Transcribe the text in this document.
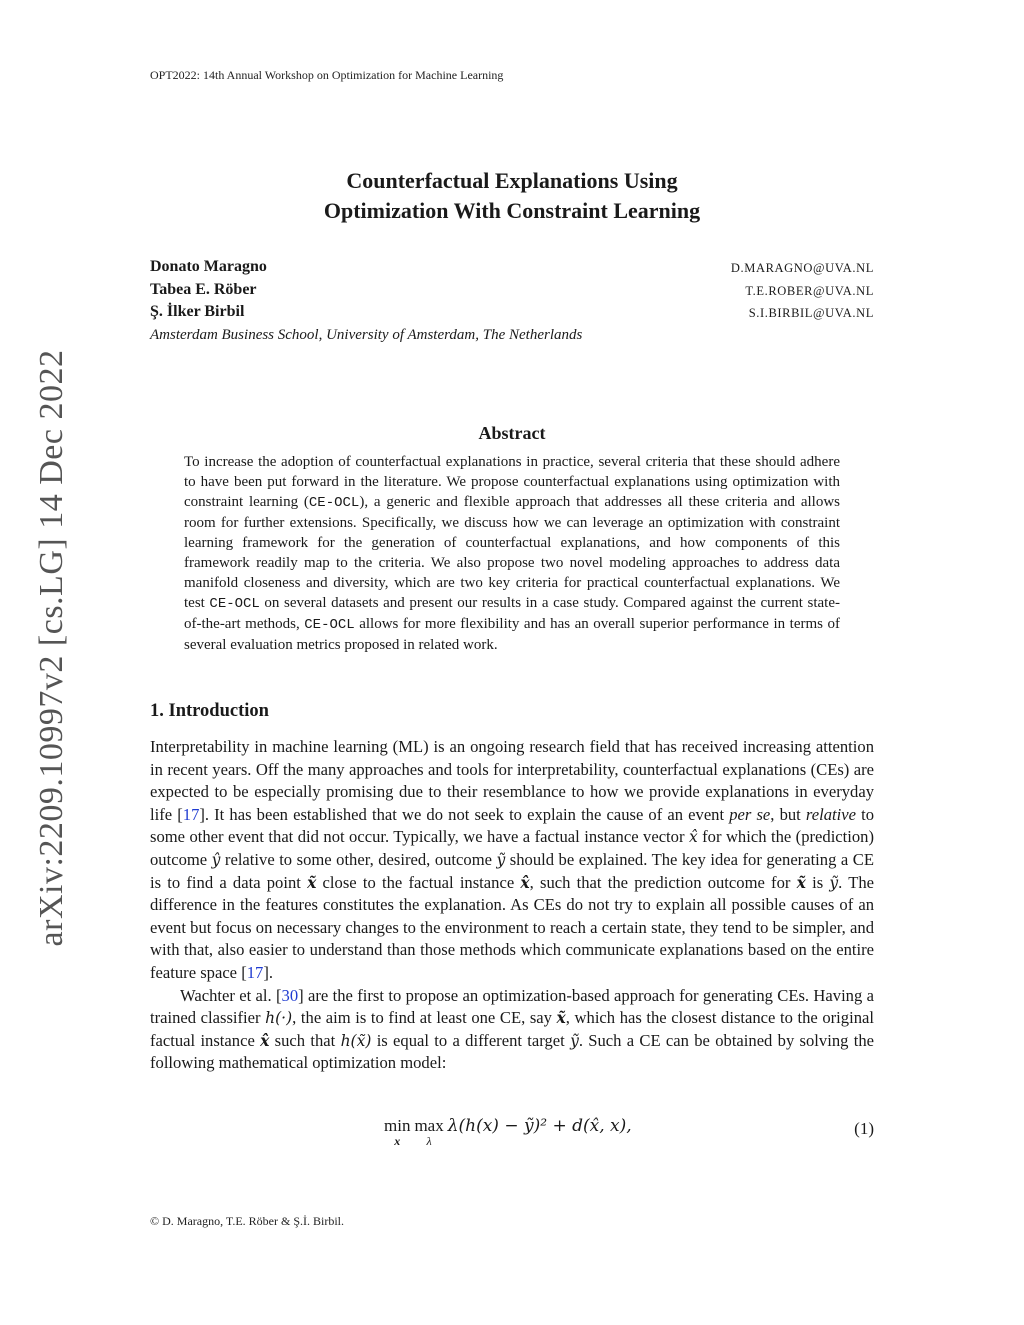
OPT2022: 14th Annual Workshop on Optimization for Machine Learning
arXiv:2209.10997v2 [cs.LG] 14 Dec 2022
Counterfactual Explanations Using
Optimization With Constraint Learning
Donato Maragno	D.MARAGNO@UVA.NL
Tabea E. Röber	T.E.ROBER@UVA.NL
Ş. İlker Birbil	S.I.BIRBIL@UVA.NL
Amsterdam Business School, University of Amsterdam, The Netherlands
Abstract
To increase the adoption of counterfactual explanations in practice, several criteria that these should adhere to have been put forward in the literature. We propose counterfactual explanations using optimization with constraint learning (CE-OCL), a generic and flexible approach that addresses all these criteria and allows room for further extensions. Specifically, we discuss how we can leverage an optimization with constraint learning framework for the generation of counterfactual explanations, and how components of this framework readily map to the criteria. We also propose two novel modeling approaches to address data manifold closeness and diversity, which are two key criteria for practical counterfactual explanations. We test CE-OCL on several datasets and present our results in a case study. Compared against the current state-of-the-art methods, CE-OCL allows for more flexibility and has an overall superior performance in terms of several evaluation metrics proposed in related work.
1. Introduction

Interpretability in machine learning (ML) is an ongoing research field that has received increasing attention in recent years. Off the many approaches and tools for interpretability, counterfactual explanations (CEs) are expected to be especially promising due to their resemblance to how we provide explanations in everyday life [17]. It has been established that we do not seek to explain the cause of an event per se, but relative to some other event that did not occur. Typically, we have a factual instance vector x̂ for which the (prediction) outcome ŷ relative to some other, desired, outcome ỹ should be explained. The key idea for generating a CE is to find a data point x̃ close to the factual instance x̂, such that the prediction outcome for x̃ is ỹ. The difference in the features constitutes the explanation. As CEs do not try to explain all possible causes of an event but focus on necessary changes to the environment to reach a certain state, they tend to be simpler, and with that, also easier to understand than those methods which communicate explanations based on the entire feature space [17].

Wachter et al. [30] are the first to propose an optimization-based approach for generating CEs. Having a trained classifier h(·), the aim is to find at least one CE, say x̃, which has the closest distance to the original factual instance x̂ such that h(x̃) is equal to a different target ỹ. Such a CE can be obtained by solving the following mathematical optimization model:

min
x
max
λ
λ(h(x) − ỹ)² + d(x̂, x),	(1)
© D. Maragno, T.E. Röber & Ş.İ. Birbil.
